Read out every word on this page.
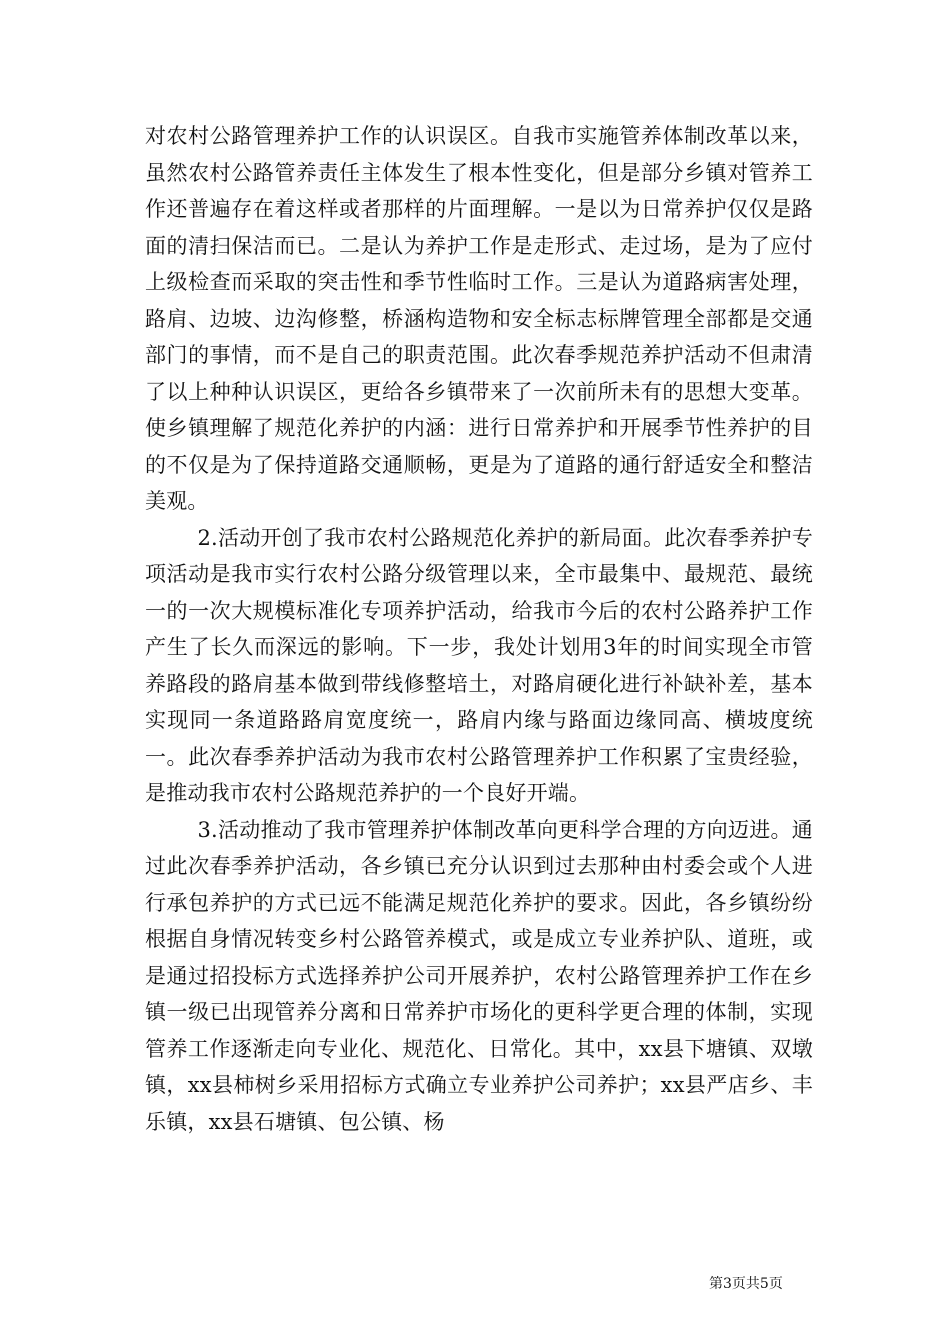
对农村公路管理养护工作的认识误区。自我市实施管养体制改革以来，虽然农村公路管养责任主体发生了根本性变化，但是部分乡镇对管养工作还普遍存在着这样或者那样的片面理解。一是以为日常养护仅仅是路面的清扫保洁而已。二是认为养护工作是走形式、走过场，是为了应付上级检查而采取的突击性和季节性临时工作。三是认为道路病害处理，路肩、边坡、边沟修整，桥涵构造物和安全标志标牌管理全部都是交通部门的事情，而不是自己的职责范围。此次春季规范养护活动不但肃清了以上种种认识误区，更给各乡镇带来了一次前所未有的思想大变革。使乡镇理解了规范化养护的内涵：进行日常养护和开展季节性养护的目的不仅是为了保持道路交通顺畅，更是为了道路的通行舒适安全和整洁美观。

2.活动开创了我市农村公路规范化养护的新局面。此次春季养护专项活动是我市实行农村公路分级管理以来，全市最集中、最规范、最统一的一次大规模标准化专项养护活动，给我市今后的农村公路养护工作产生了长久而深远的影响。下一步，我处计划用3年的时间实现全市管养路段的路肩基本做到带线修整培土，对路肩硬化进行补缺补差，基本实现同一条道路路肩宽度统一，路肩内缘与路面边缘同高、横坡度统一。此次春季养护活动为我市农村公路管理养护工作积累了宝贵经验，是推动我市农村公路规范养护的一个良好开端。

3.活动推动了我市管理养护体制改革向更科学合理的方向迈进。通过此次春季养护活动，各乡镇已充分认识到过去那种由村委会或个人进行承包养护的方式已远不能满足规范化养护的要求。因此，各乡镇纷纷根据自身情况转变乡村公路管养模式，或是成立专业养护队、道班，或是通过招投标方式选择养护公司开展养护，农村公路管理养护工作在乡镇一级已出现管养分离和日常养护市场化的更科学更合理的体制，实现管养工作逐渐走向专业化、规范化、日常化。其中，xx县下塘镇、双墩镇，xx县柿树乡采用招标方式确立专业养护公司养护；xx县严店乡、丰乐镇，xx县石塘镇、包公镇、杨

第3页共5页
